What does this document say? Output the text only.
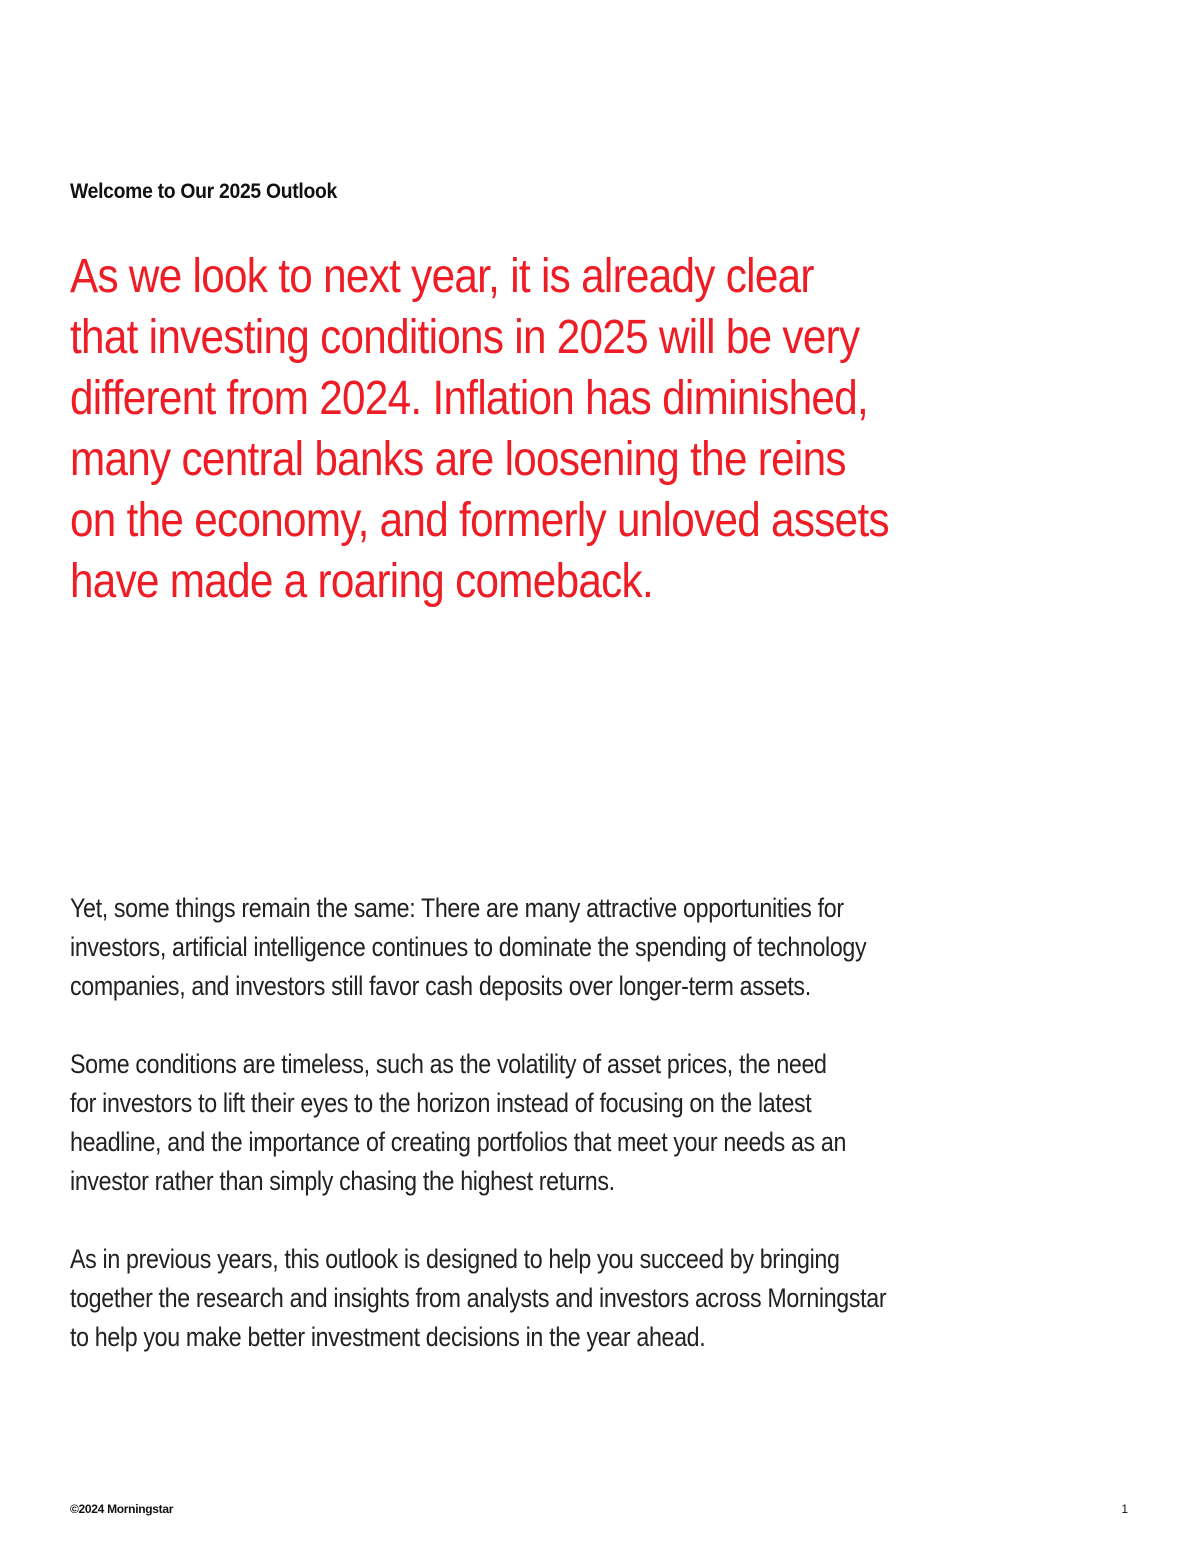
Welcome to Our 2025 Outlook
As we look to next year, it is already clear
that investing conditions in 2025 will be very
different from 2024. Inflation has diminished,
many central banks are loosening the reins
on the economy, and formerly unloved assets
have made a roaring comeback.

Yet, some things remain the same: There are many attractive opportunities for
investors, artificial intelligence continues to dominate the spending of technology
companies, and investors still favor cash deposits over longer-term assets.

Some conditions are timeless, such as the volatility of asset prices, the need
for investors to lift their eyes to the horizon instead of focusing on the latest
headline, and the importance of creating portfolios that meet your needs as an
investor rather than simply chasing the highest returns.

As in previous years, this outlook is designed to help you succeed by bringing
together the research and insights from analysts and investors across Morningstar
to help you make better investment decisions in the year ahead.

©2024 Morningstar	1
